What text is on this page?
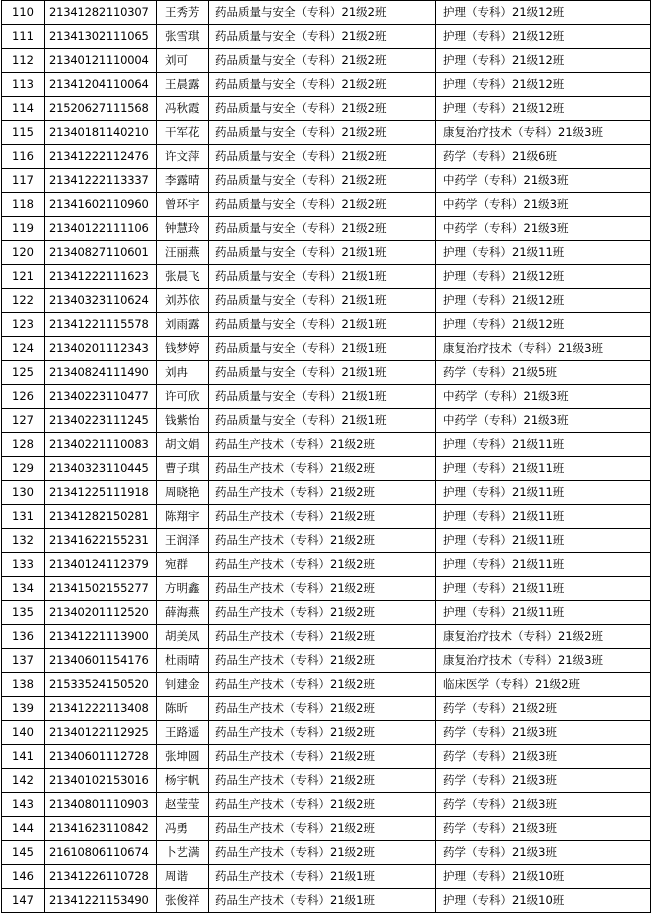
110	21341282110307	王秀芳	药品质量与安全（专科）21级2班	护理（专科）21级12班
111	21341302111065	张雪琪	药品质量与安全（专科）21级2班	护理（专科）21级12班
112	21340121110004	刘可	药品质量与安全（专科）21级2班	护理（专科）21级12班
113	21341204110064	王晨露	药品质量与安全（专科）21级2班	护理（专科）21级12班
114	21520627111568	冯秋霞	药品质量与安全（专科）21级2班	护理（专科）21级12班
115	21340181140210	干军花	药品质量与安全（专科）21级2班	康复治疗技术（专科）21级3班
116	21341222112476	许文萍	药品质量与安全（专科）21级2班	药学（专科）21级6班
117	21341222113337	李露晴	药品质量与安全（专科）21级2班	中药学（专科）21级3班
118	21341602110960	曾环宇	药品质量与安全（专科）21级2班	中药学（专科）21级3班
119	21340122111106	钟慧玲	药品质量与安全（专科）21级2班	中药学（专科）21级3班
120	21340827110601	汪丽燕	药品质量与安全（专科）21级1班	护理（专科）21级11班
121	21341222111623	张晨飞	药品质量与安全（专科）21级1班	护理（专科）21级12班
122	21340323110624	刘苏依	药品质量与安全（专科）21级1班	护理（专科）21级12班
123	21341221115578	刘雨露	药品质量与安全（专科）21级1班	护理（专科）21级12班
124	21340201112343	钱梦婷	药品质量与安全（专科）21级1班	康复治疗技术（专科）21级3班
125	21340824111490	刘冉	药品质量与安全（专科）21级1班	药学（专科）21级5班
126	21340223110477	许可欣	药品质量与安全（专科）21级1班	中药学（专科）21级3班
127	21340223111245	钱紫怡	药品质量与安全（专科）21级1班	中药学（专科）21级3班
128	21340221110083	胡文娟	药品生产技术（专科）21级2班	护理（专科）21级11班
129	21340323110445	曹子琪	药品生产技术（专科）21级2班	护理（专科）21级11班
130	21341225111918	周晓艳	药品生产技术（专科）21级2班	护理（专科）21级11班
131	21341282150281	陈翔宇	药品生产技术（专科）21级2班	护理（专科）21级11班
132	21341622155231	王润泽	药品生产技术（专科）21级2班	护理（专科）21级11班
133	21340124112379	宛群	药品生产技术（专科）21级2班	护理（专科）21级11班
134	21341502155277	方明鑫	药品生产技术（专科）21级2班	护理（专科）21级11班
135	21340201112520	薛海燕	药品生产技术（专科）21级2班	护理（专科）21级11班
136	21341221113900	胡美凤	药品生产技术（专科）21级2班	康复治疗技术（专科）21级2班
137	21340601154176	杜雨晴	药品生产技术（专科）21级2班	康复治疗技术（专科）21级3班
138	21533524150520	钊建金	药品生产技术（专科）21级2班	临床医学（专科）21级2班
139	21341222113408	陈昕	药品生产技术（专科）21级2班	药学（专科）21级2班
140	21340122112925	王路遥	药品生产技术（专科）21级2班	药学（专科）21级3班
141	21340601112728	张坤圆	药品生产技术（专科）21级2班	药学（专科）21级3班
142	21340102153016	杨宇帆	药品生产技术（专科）21级2班	药学（专科）21级3班
143	21340801110903	赵莹莹	药品生产技术（专科）21级2班	药学（专科）21级3班
144	21341623110842	冯勇	药品生产技术（专科）21级2班	药学（专科）21级3班
145	21610806110674	卜艺满	药品生产技术（专科）21级2班	药学（专科）21级3班
146	21341226110728	周谐	药品生产技术（专科）21级1班	护理（专科）21级10班
147	21341221153490	张俊祥	药品生产技术（专科）21级1班	护理（专科）21级10班
